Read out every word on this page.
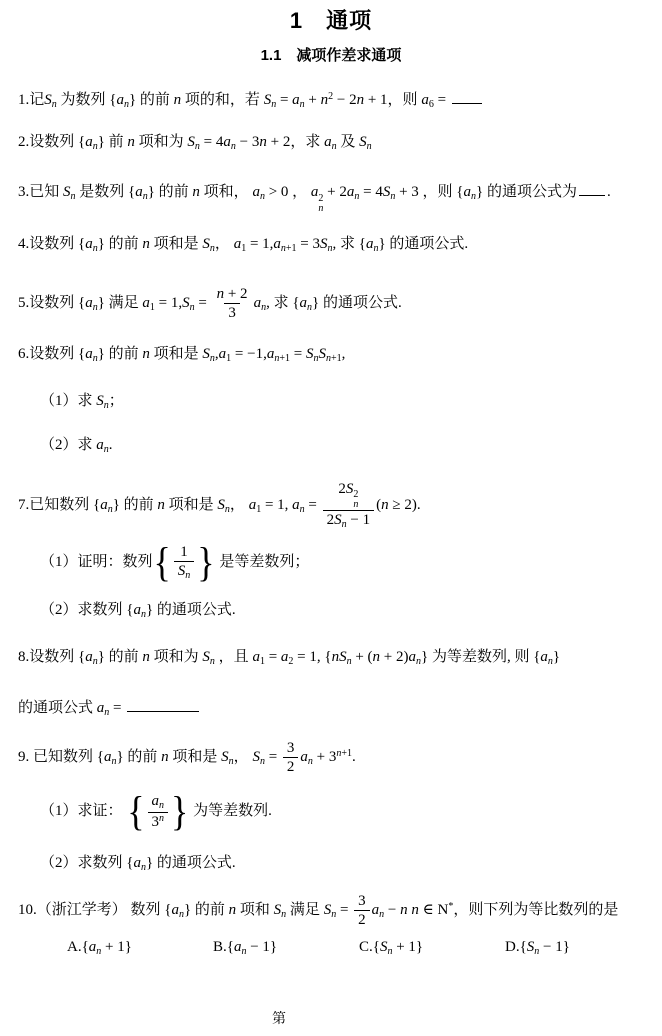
1　通项
1.1　减项作差求通项
1.记$S_n$ 为数列 $\{a_n\}$ 的前 n 项的和，若 $S_n = a_n + n^2 - 2n + 1$，则 $a_6$ =
2.设数列 $\{a_n\}$ 前 n 项和为 $S_n = 4a_n - 3n + 2$，求 $a_n$ 及 $S_n$
3.已知 $S_n$ 是数列 $\{a_n\}$ 的前 n 项和， $a_n > 0$ ， a 2
n
+ $2a_n = 4S_n + 3$ ，则 $\{a_n\}$ 的通项公式为 .
4.设数列 $\{a_n\}$ 的前 n 项和是 $S_n$， $a_1 = 1,a_{n+1} = 3S_n$, 求 $\{a_n\}$ 的通项公式.
5.设数列 $\{a_n\}$ 满足 $a_1 = 1,S_n = \frac{n + 2}{3} a_n$, 求 $\{a_n\}$ 的通项公式.
6.设数列 $\{a_n\}$ 的前 n 项和是 $S_n,a_1 = -1,a_{n+1} = S_nS_{n+1}$,
（1）求 $S_n$；
（2）求 $a_n$.
7.已知数列 $\{a_n\}$ 的前 n 项和是 $S_n$， $a_1 = 1$, $a_n = 2S$ 2
n
$2S_n - 1$ (n ≥ 2).
（1）证明：数列{ $\frac{1}{S_n}$ } 是等差数列；
（2）求数列 $\{a_n\}$ 的通项公式.
8.设数列 $\{a_n\}$ 的前 n 项和为 $S_n$ ，且 $a_1 = a_2 = 1$, $\{nS_n + (n + 2)a_n\}$ 为等差数列, 则 $\{a_n\}$
的通项公式 $a_n$ =
9. 已知数列 $\{a_n\}$ 的前 n 项和是 $S_n$， $S_n = \frac{3}{2} a_n + 3^{n+1}$.
（1）求证： { $\frac{a_n}{3^n}$ } 为等差数列.
（2）求数列 $\{a_n\}$ 的通项公式.
10.（浙江学考） 数列 $\{a_n\}$ 的前 n 项和 $S_n$ 满足 $S_n = \frac{3}{2} a_n - n$ n ∈ N*，则下列为等比数列的是
$A.\{a_n + 1\}$	$B.\{a_n - 1\}$	$C.\{S_n + 1\}$	$D.\{S_n - 1\}$
第
